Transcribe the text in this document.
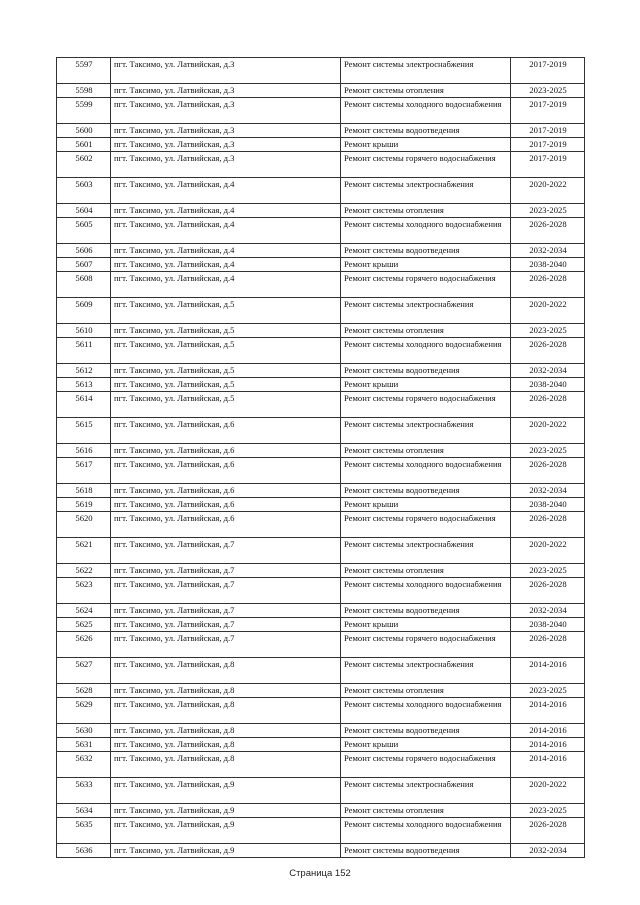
5597	пгт. Таксимо, ул. Латвийская, д.3	Ремонт системы электроснабжения	2017-2019
5598	пгт. Таксимо, ул. Латвийская, д.3	Ремонт системы отопления	2023-2025
5599	пгт. Таксимо, ул. Латвийская, д.3	Ремонт системы холодного водоснабжения	2017-2019
5600	пгт. Таксимо, ул. Латвийская, д.3	Ремонт системы водоотведения	2017-2019
5601	пгт. Таксимо, ул. Латвийская, д.3	Ремонт крыши	2017-2019
5602	пгт. Таксимо, ул. Латвийская, д.3	Ремонт системы горячего водоснабжения	2017-2019
5603	пгт. Таксимо, ул. Латвийская, д.4	Ремонт системы электроснабжения	2020-2022
5604	пгт. Таксимо, ул. Латвийская, д.4	Ремонт системы отопления	2023-2025
5605	пгт. Таксимо, ул. Латвийская, д.4	Ремонт системы холодного водоснабжения	2026-2028
5606	пгт. Таксимо, ул. Латвийская, д.4	Ремонт системы водоотведения	2032-2034
5607	пгт. Таксимо, ул. Латвийская, д.4	Ремонт крыши	2038-2040
5608	пгт. Таксимо, ул. Латвийская, д.4	Ремонт системы горячего водоснабжения	2026-2028
5609	пгт. Таксимо, ул. Латвийская, д.5	Ремонт системы электроснабжения	2020-2022
5610	пгт. Таксимо, ул. Латвийская, д.5	Ремонт системы отопления	2023-2025
5611	пгт. Таксимо, ул. Латвийская, д.5	Ремонт системы холодного водоснабжения	2026-2028
5612	пгт. Таксимо, ул. Латвийская, д.5	Ремонт системы водоотведения	2032-2034
5613	пгт. Таксимо, ул. Латвийская, д.5	Ремонт крыши	2038-2040
5614	пгт. Таксимо, ул. Латвийская, д.5	Ремонт системы горячего водоснабжения	2026-2028
5615	пгт. Таксимо, ул. Латвийская, д.6	Ремонт системы электроснабжения	2020-2022
5616	пгт. Таксимо, ул. Латвийская, д.6	Ремонт системы отопления	2023-2025
5617	пгт. Таксимо, ул. Латвийская, д.6	Ремонт системы холодного водоснабжения	2026-2028
5618	пгт. Таксимо, ул. Латвийская, д.6	Ремонт системы водоотведения	2032-2034
5619	пгт. Таксимо, ул. Латвийская, д.6	Ремонт крыши	2038-2040
5620	пгт. Таксимо, ул. Латвийская, д.6	Ремонт системы горячего водоснабжения	2026-2028
5621	пгт. Таксимо, ул. Латвийская, д.7	Ремонт системы электроснабжения	2020-2022
5622	пгт. Таксимо, ул. Латвийская, д.7	Ремонт системы отопления	2023-2025
5623	пгт. Таксимо, ул. Латвийская, д.7	Ремонт системы холодного водоснабжения	2026-2028
5624	пгт. Таксимо, ул. Латвийская, д.7	Ремонт системы водоотведения	2032-2034
5625	пгт. Таксимо, ул. Латвийская, д.7	Ремонт крыши	2038-2040
5626	пгт. Таксимо, ул. Латвийская, д.7	Ремонт системы горячего водоснабжения	2026-2028
5627	пгт. Таксимо, ул. Латвийская, д.8	Ремонт системы электроснабжения	2014-2016
5628	пгт. Таксимо, ул. Латвийская, д.8	Ремонт системы отопления	2023-2025
5629	пгт. Таксимо, ул. Латвийская, д.8	Ремонт системы холодного водоснабжения	2014-2016
5630	пгт. Таксимо, ул. Латвийская, д.8	Ремонт системы водоотведения	2014-2016
5631	пгт. Таксимо, ул. Латвийская, д.8	Ремонт крыши	2014-2016
5632	пгт. Таксимо, ул. Латвийская, д.8	Ремонт системы горячего водоснабжения	2014-2016
5633	пгт. Таксимо, ул. Латвийская, д.9	Ремонт системы электроснабжения	2020-2022
5634	пгт. Таксимо, ул. Латвийская, д.9	Ремонт системы отопления	2023-2025
5635	пгт. Таксимо, ул. Латвийская, д.9	Ремонт системы холодного водоснабжения	2026-2028
5636	пгт. Таксимо, ул. Латвийская, д.9	Ремонт системы водоотведения	2032-2034
Страница 152
